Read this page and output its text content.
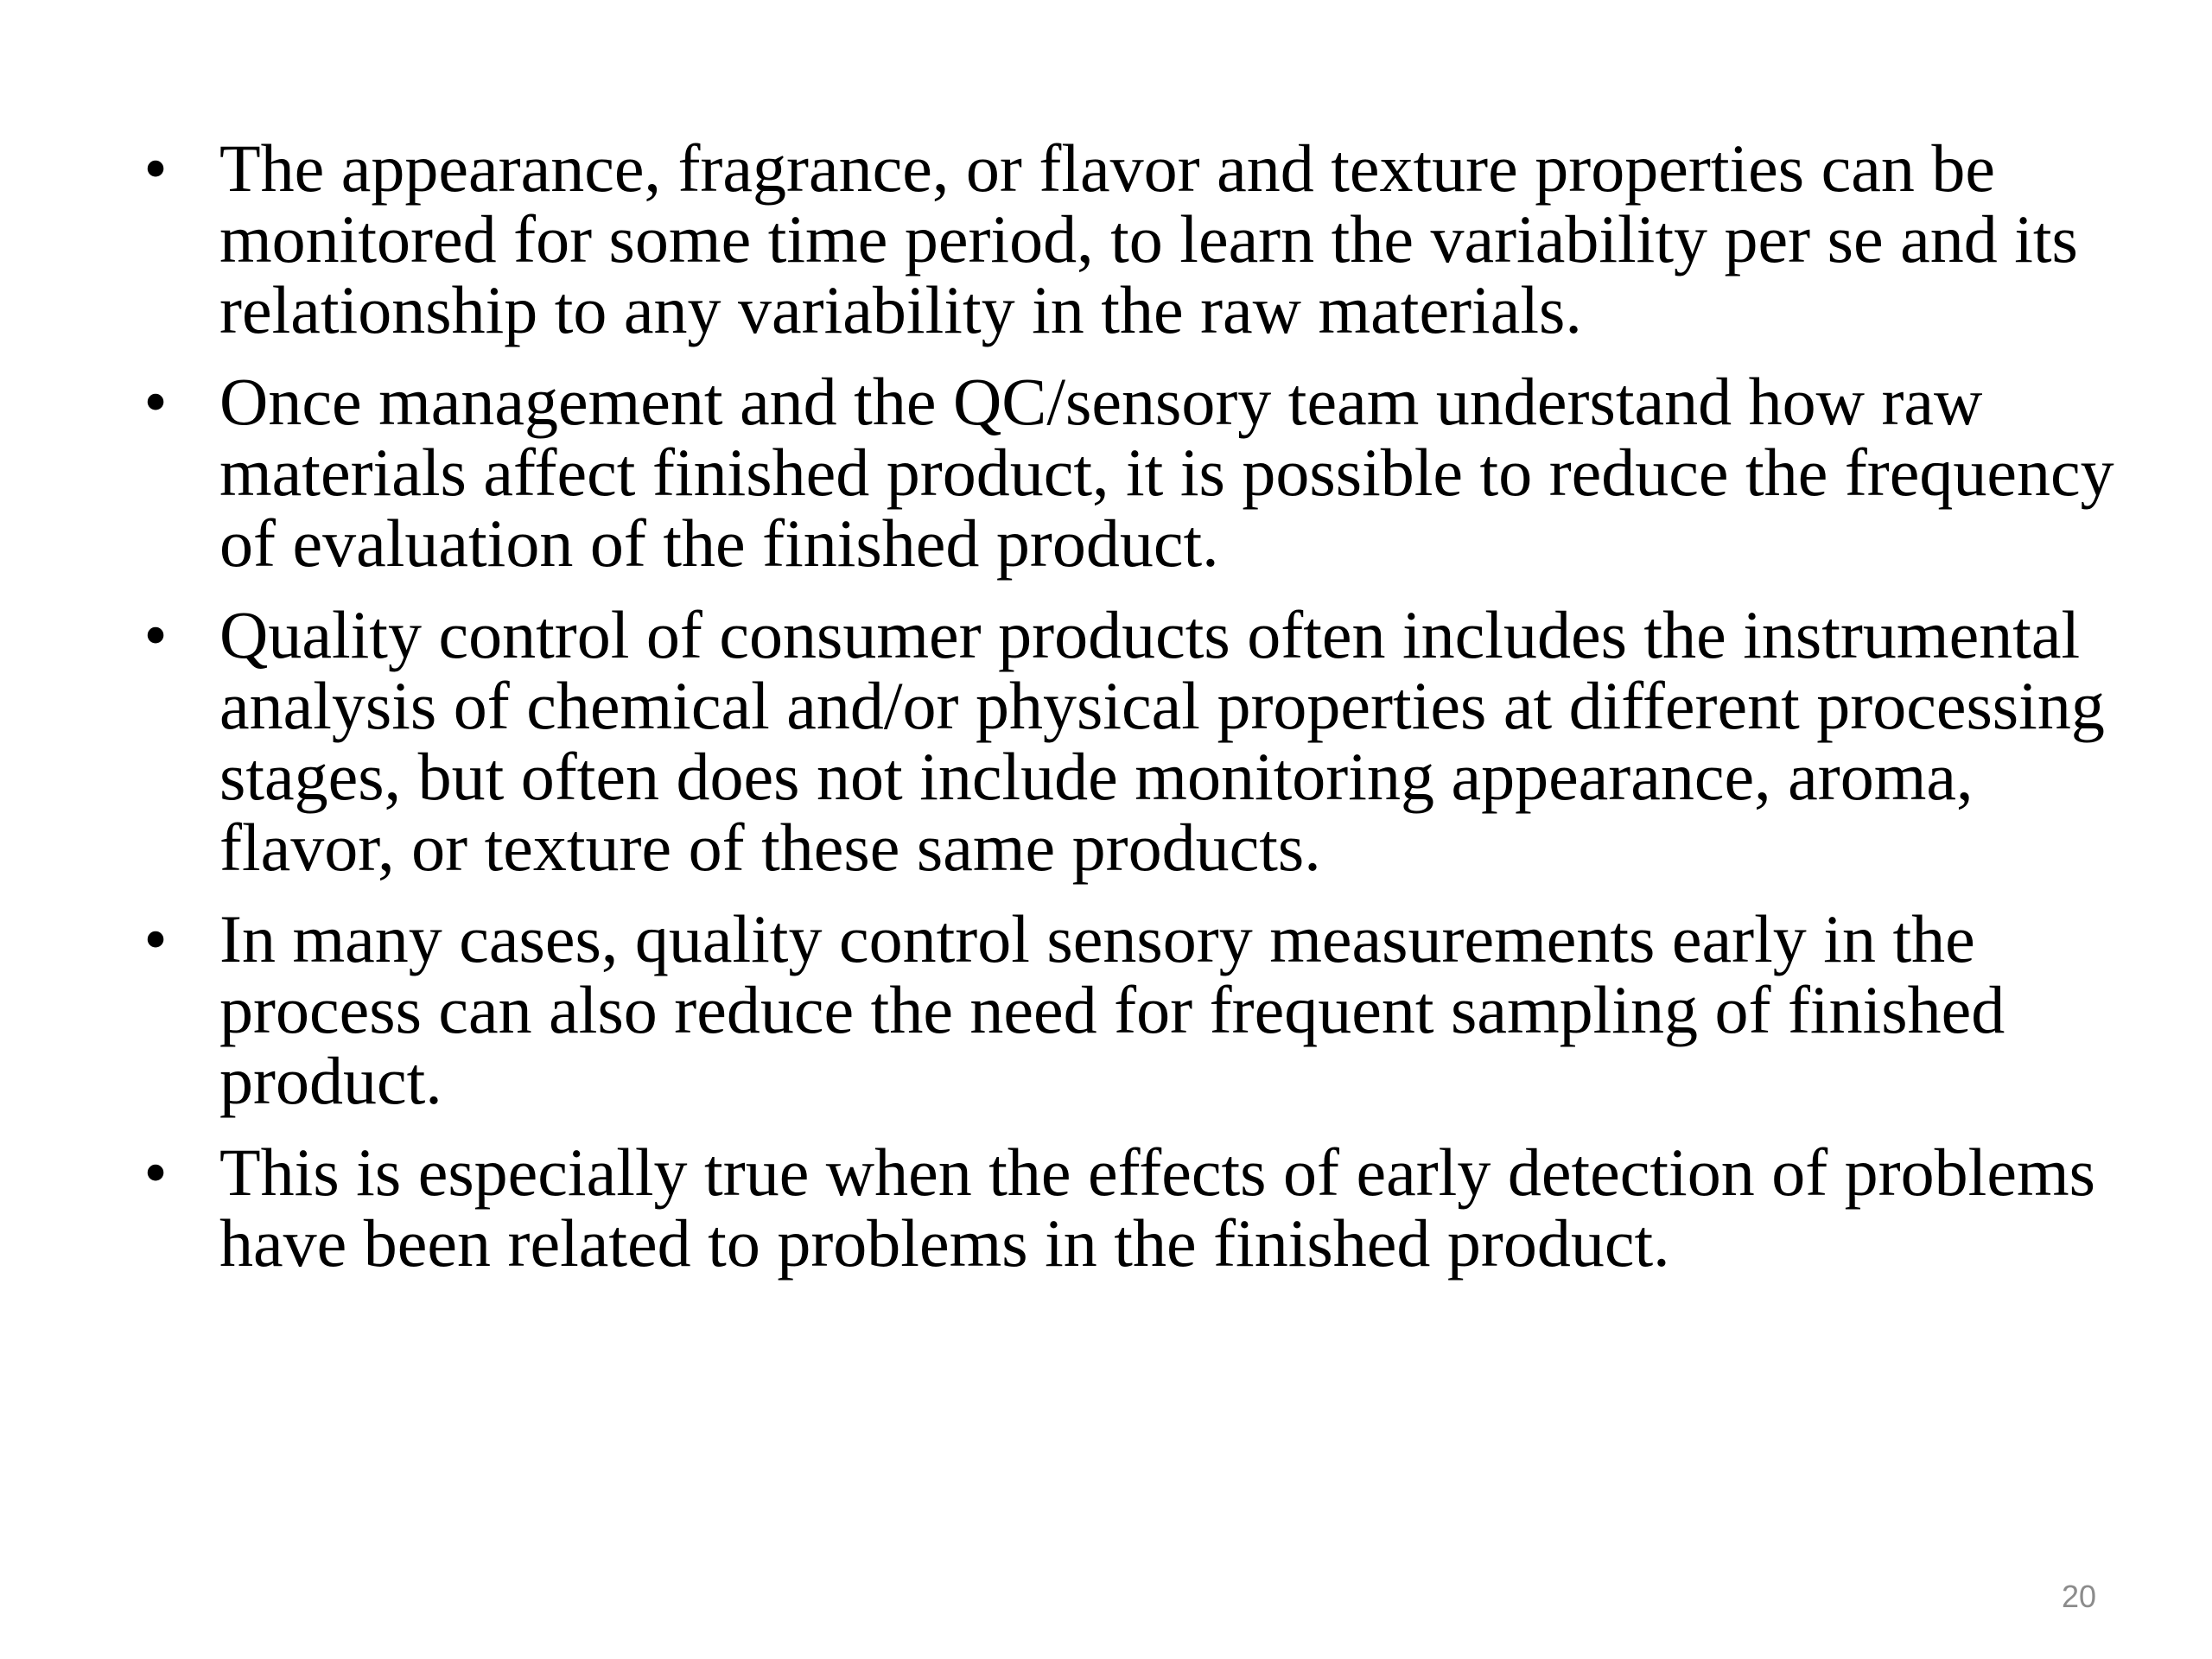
• The appearance, fragrance, or flavor and texture properties can be monitored for some time period, to learn the variability per se and its relationship to any variability in the raw materials.
• Once management and the QC/sensory team understand how raw materials affect finished product, it is possible to reduce the frequency of evaluation of the finished product.
• Quality control of consumer products often includes the instrumental analysis of chemical and/or physical properties at different processing stages, but often does not include monitoring appearance, aroma, flavor, or texture of these same products.
• In many cases, quality control sensory measurements early in the process can also reduce the need for frequent sampling of finished product.
• This is especially true when the effects of early detection of problems have been related to problems in the finished product.
20
